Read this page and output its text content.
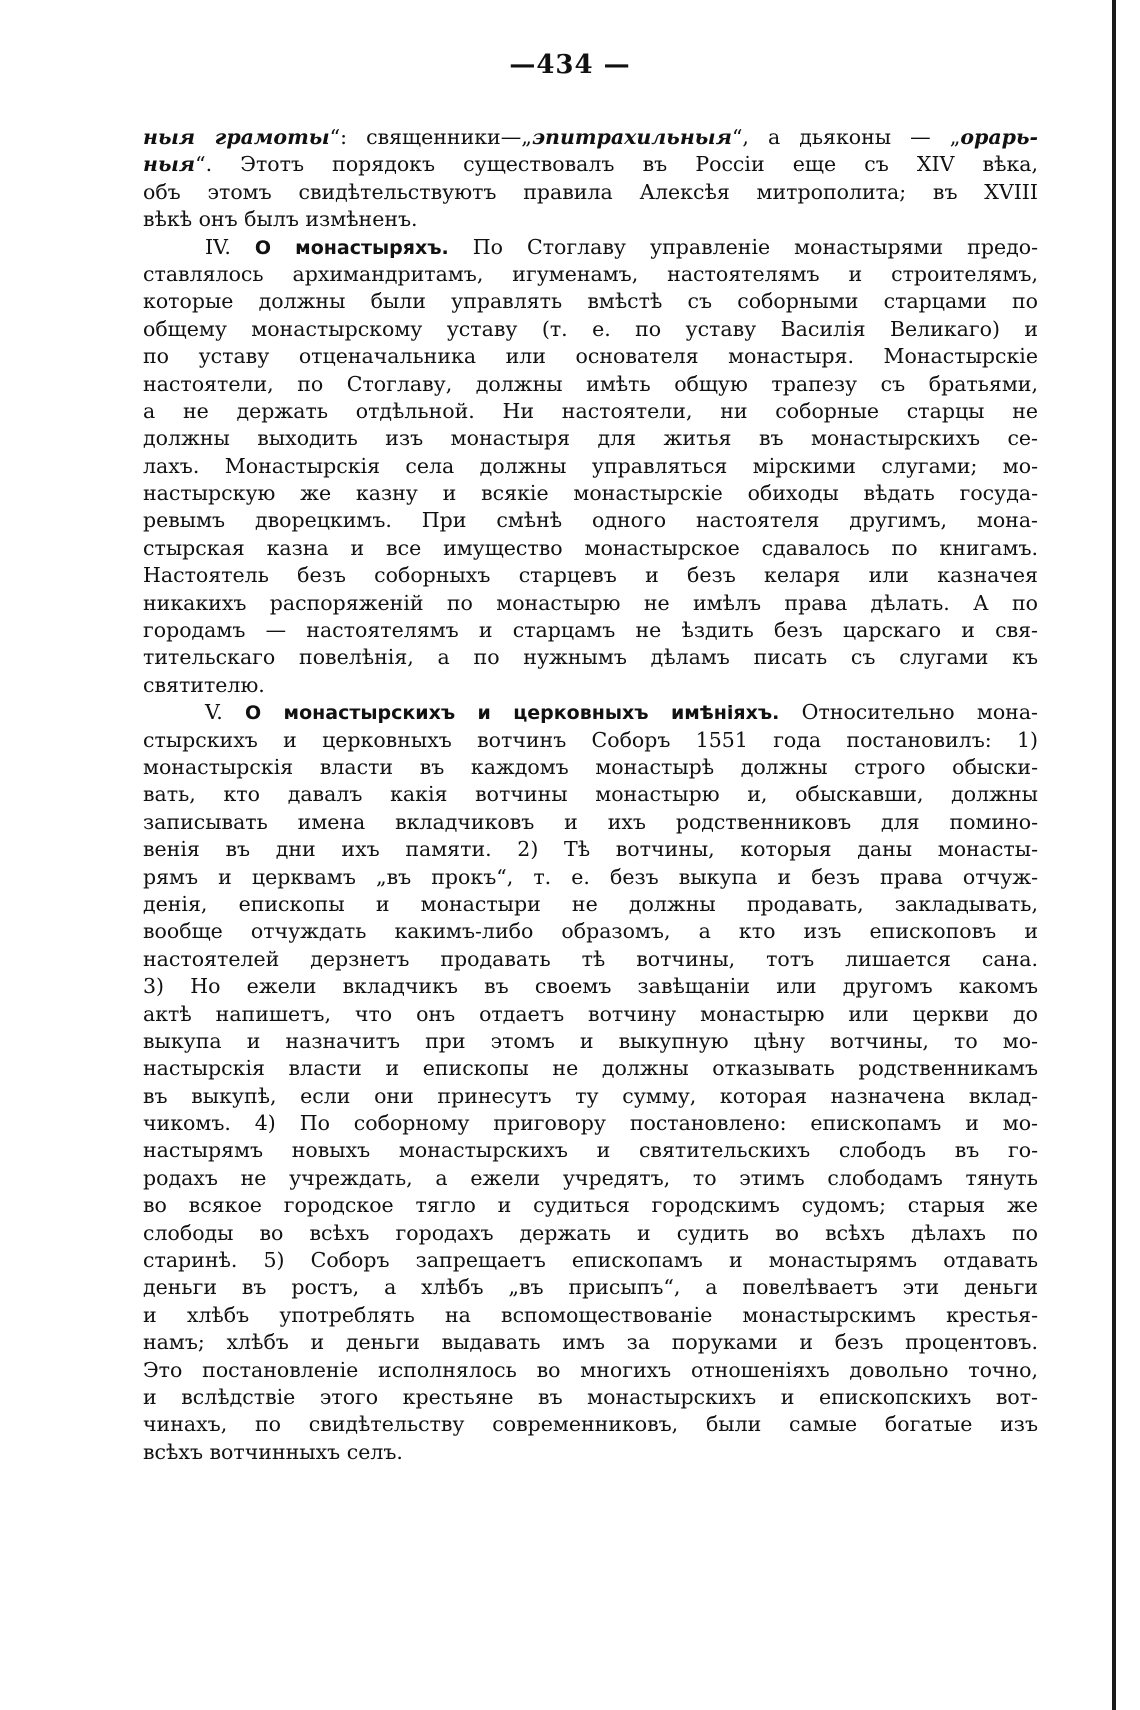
—434 —
ныя грамоты“: священники—„эпитрахильныя“, а дьяконы — „орарь-
ныя“. Этотъ порядокъ существовалъ въ Россiи еще съ XIV вѣка,
объ этомъ свидѣтельствуютъ правила Алексѣя митрополита; въ XVIII
вѣкѣ онъ былъ измѣненъ.
IV. О монастыряхъ. По Стоглаву управленiе монастырями предо-
ставлялось архимандритамъ, игуменамъ, настоятелямъ и строителямъ,
которые должны были управлять вмѣстѣ съ соборными старцами по
общему монастырскому уставу (т. е. по уставу Василiя Великаго) и
по уставу отценачальника или основателя монастыря. Монастырскiе
настоятели, по Стоглаву, должны имѣть общую трапезу съ братьями,
а не держать отдѣльной. Ни настоятели, ни соборные старцы не
должны выходить изъ монастыря для житья въ монастырскихъ се-
лахъ. Монастырскiя села должны управляться мiрскими слугами; мо-
настырскую же казну и всякiе монастырскiе обиходы вѣдать госуда-
ревымъ дворецкимъ. При смѣнѣ одного настоятеля другимъ, мона-
стырская казна и все имущество монастырское сдавалось по книгамъ.
Настоятель безъ соборныхъ старцевъ и безъ келаря или казначея
никакихъ распоряженiй по монастырю не имѣлъ права дѣлать. А по
городамъ — настоятелямъ и старцамъ не ѣздить безъ царскаго и свя-
тительскаго повелѣнiя, а по нужнымъ дѣламъ писать съ слугами къ
святителю.
V. О монастырскихъ и церковныхъ имѣнiяхъ. Относительно мона-
стырскихъ и церковныхъ вотчинъ Соборъ 1551 года постановилъ: 1)
монастырскiя власти въ каждомъ монастырѣ должны строго обыски-
вать, кто давалъ какiя вотчины монастырю и, обыскавши, должны
записывать имена вкладчиковъ и ихъ родственниковъ для помино-
венiя въ дни ихъ памяти. 2) Тѣ вотчины, которыя даны монасты-
рямъ и церквамъ „въ прокъ“, т. е. безъ выкупа и безъ права отчуж-
денiя, епископы и монастыри не должны продавать, закладывать,
вообще отчуждать какимъ-либо образомъ, а кто изъ епископовъ и
настоятелей дерзнетъ продавать тѣ вотчины, тотъ лишается сана.
3) Но ежели вкладчикъ въ своемъ завѣщанiи или другомъ какомъ
актѣ напишетъ, что онъ отдаетъ вотчину монастырю или церкви до
выкупа и назначитъ при этомъ и выкупную цѣну вотчины, то мо-
настырскiя власти и епископы не должны отказывать родственникамъ
въ выкупѣ, если они принесутъ ту сумму, которая назначена вклад-
чикомъ. 4) По соборному приговору постановлено: епископамъ и мо-
настырямъ новыхъ монастырскихъ и святительскихъ слободъ въ го-
родахъ не учреждать, а ежели учредятъ, то этимъ слободамъ тянуть
во всякое городское тягло и судиться городскимъ судомъ; старыя же
слободы во всѣхъ городахъ держать и судить во всѣхъ дѣлахъ по
старинѣ. 5) Соборъ запрещаетъ епископамъ и монастырямъ отдавать
деньги въ ростъ, а хлѣбъ „въ присыпъ“, а повелѣваетъ эти деньги
и хлѣбъ употреблять на вспомоществованiе монастырскимъ крестья-
намъ; хлѣбъ и деньги выдавать имъ за поруками и безъ процентовъ.
Это постановленiе исполнялось во многихъ отношенiяхъ довольно точно,
и вслѣдствiе этого крестьяне въ монастырскихъ и епископскихъ вот-
чинахъ, по свидѣтельству современниковъ, были самые богатые изъ
всѣхъ вотчинныхъ селъ.
